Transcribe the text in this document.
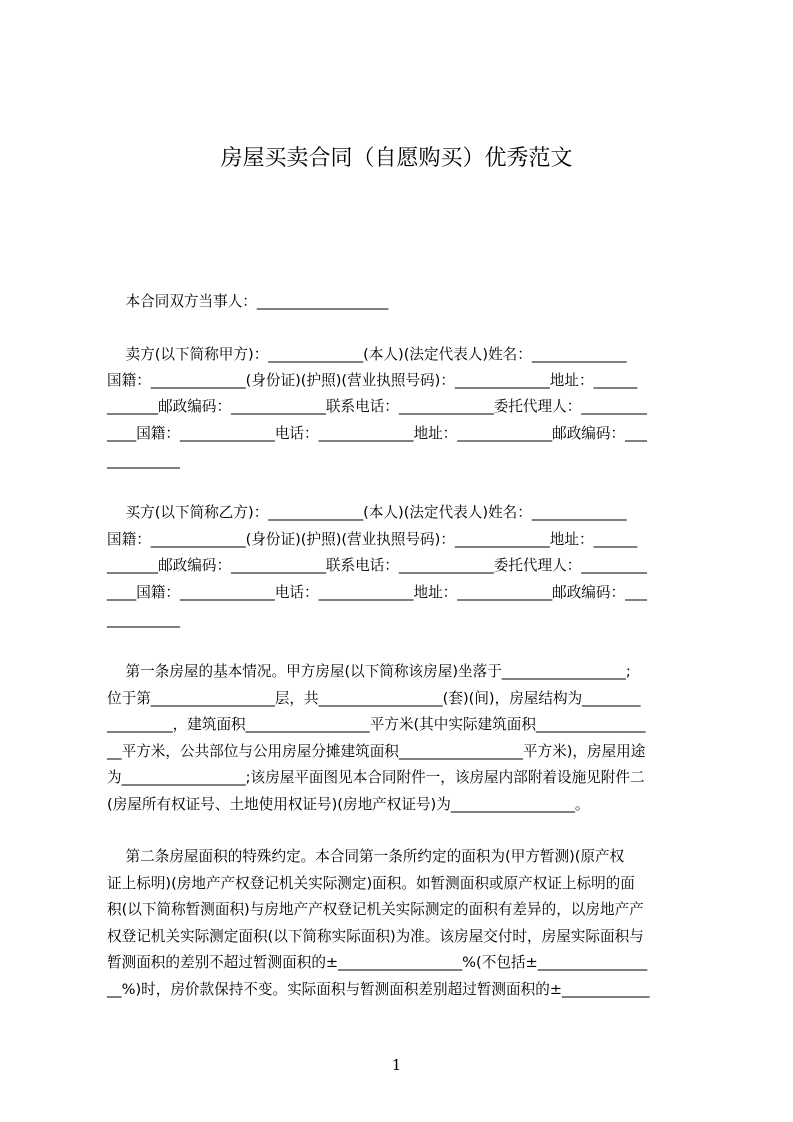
房屋买卖合同（自愿购买）优秀范文

本合同双方当事人：__________________

卖方(以下简称甲方)：_____________(本人)(法定代表人)姓名：_____________

国籍：_____________(身份证)(护照)(营业执照号码)：_____________地址：______

_______邮政编码：_____________联系电话：_____________委托代理人：_________

____国籍：_____________电话：_____________地址：_____________邮政编码：___

__________

买方(以下简称乙方)：_____________(本人)(法定代表人)姓名：_____________

国籍：_____________(身份证)(护照)(营业执照号码)：_____________地址：______

_______邮政编码：_____________联系电话：_____________委托代理人：_________

____国籍：_____________电话：_____________地址：_____________邮政编码：___

__________

第一条房屋的基本情况。甲方房屋(以下简称该房屋)坐落于_________________;

位于第_________________层，共_________________(套)(间)，房屋结构为________

_________，建筑面积_________________平方米(其中实际建筑面积_______________

__平方米，公共部位与公用房屋分摊建筑面积_________________平方米)，房屋用途

为_________________;该房屋平面图见本合同附件一，该房屋内部附着设施见附件二

(房屋所有权证号、土地使用权证号)(房地产权证号)为_________________。

第二条房屋面积的特殊约定。本合同第一条所约定的面积为(甲方暂测)(原产权

证上标明)(房地产产权登记机关实际测定)面积。如暂测面积或原产权证上标明的面

积(以下简称暂测面积)与房地产产权登记机关实际测定的面积有差异的，以房地产产

权登记机关实际测定面积(以下简称实际面积)为准。该房屋交付时，房屋实际面积与

暂测面积的差别不超过暂测面积的±_________________%(不包括±_______________

__%)时，房价款保持不变。实际面积与暂测面积差别超过暂测面积的±____________

1
